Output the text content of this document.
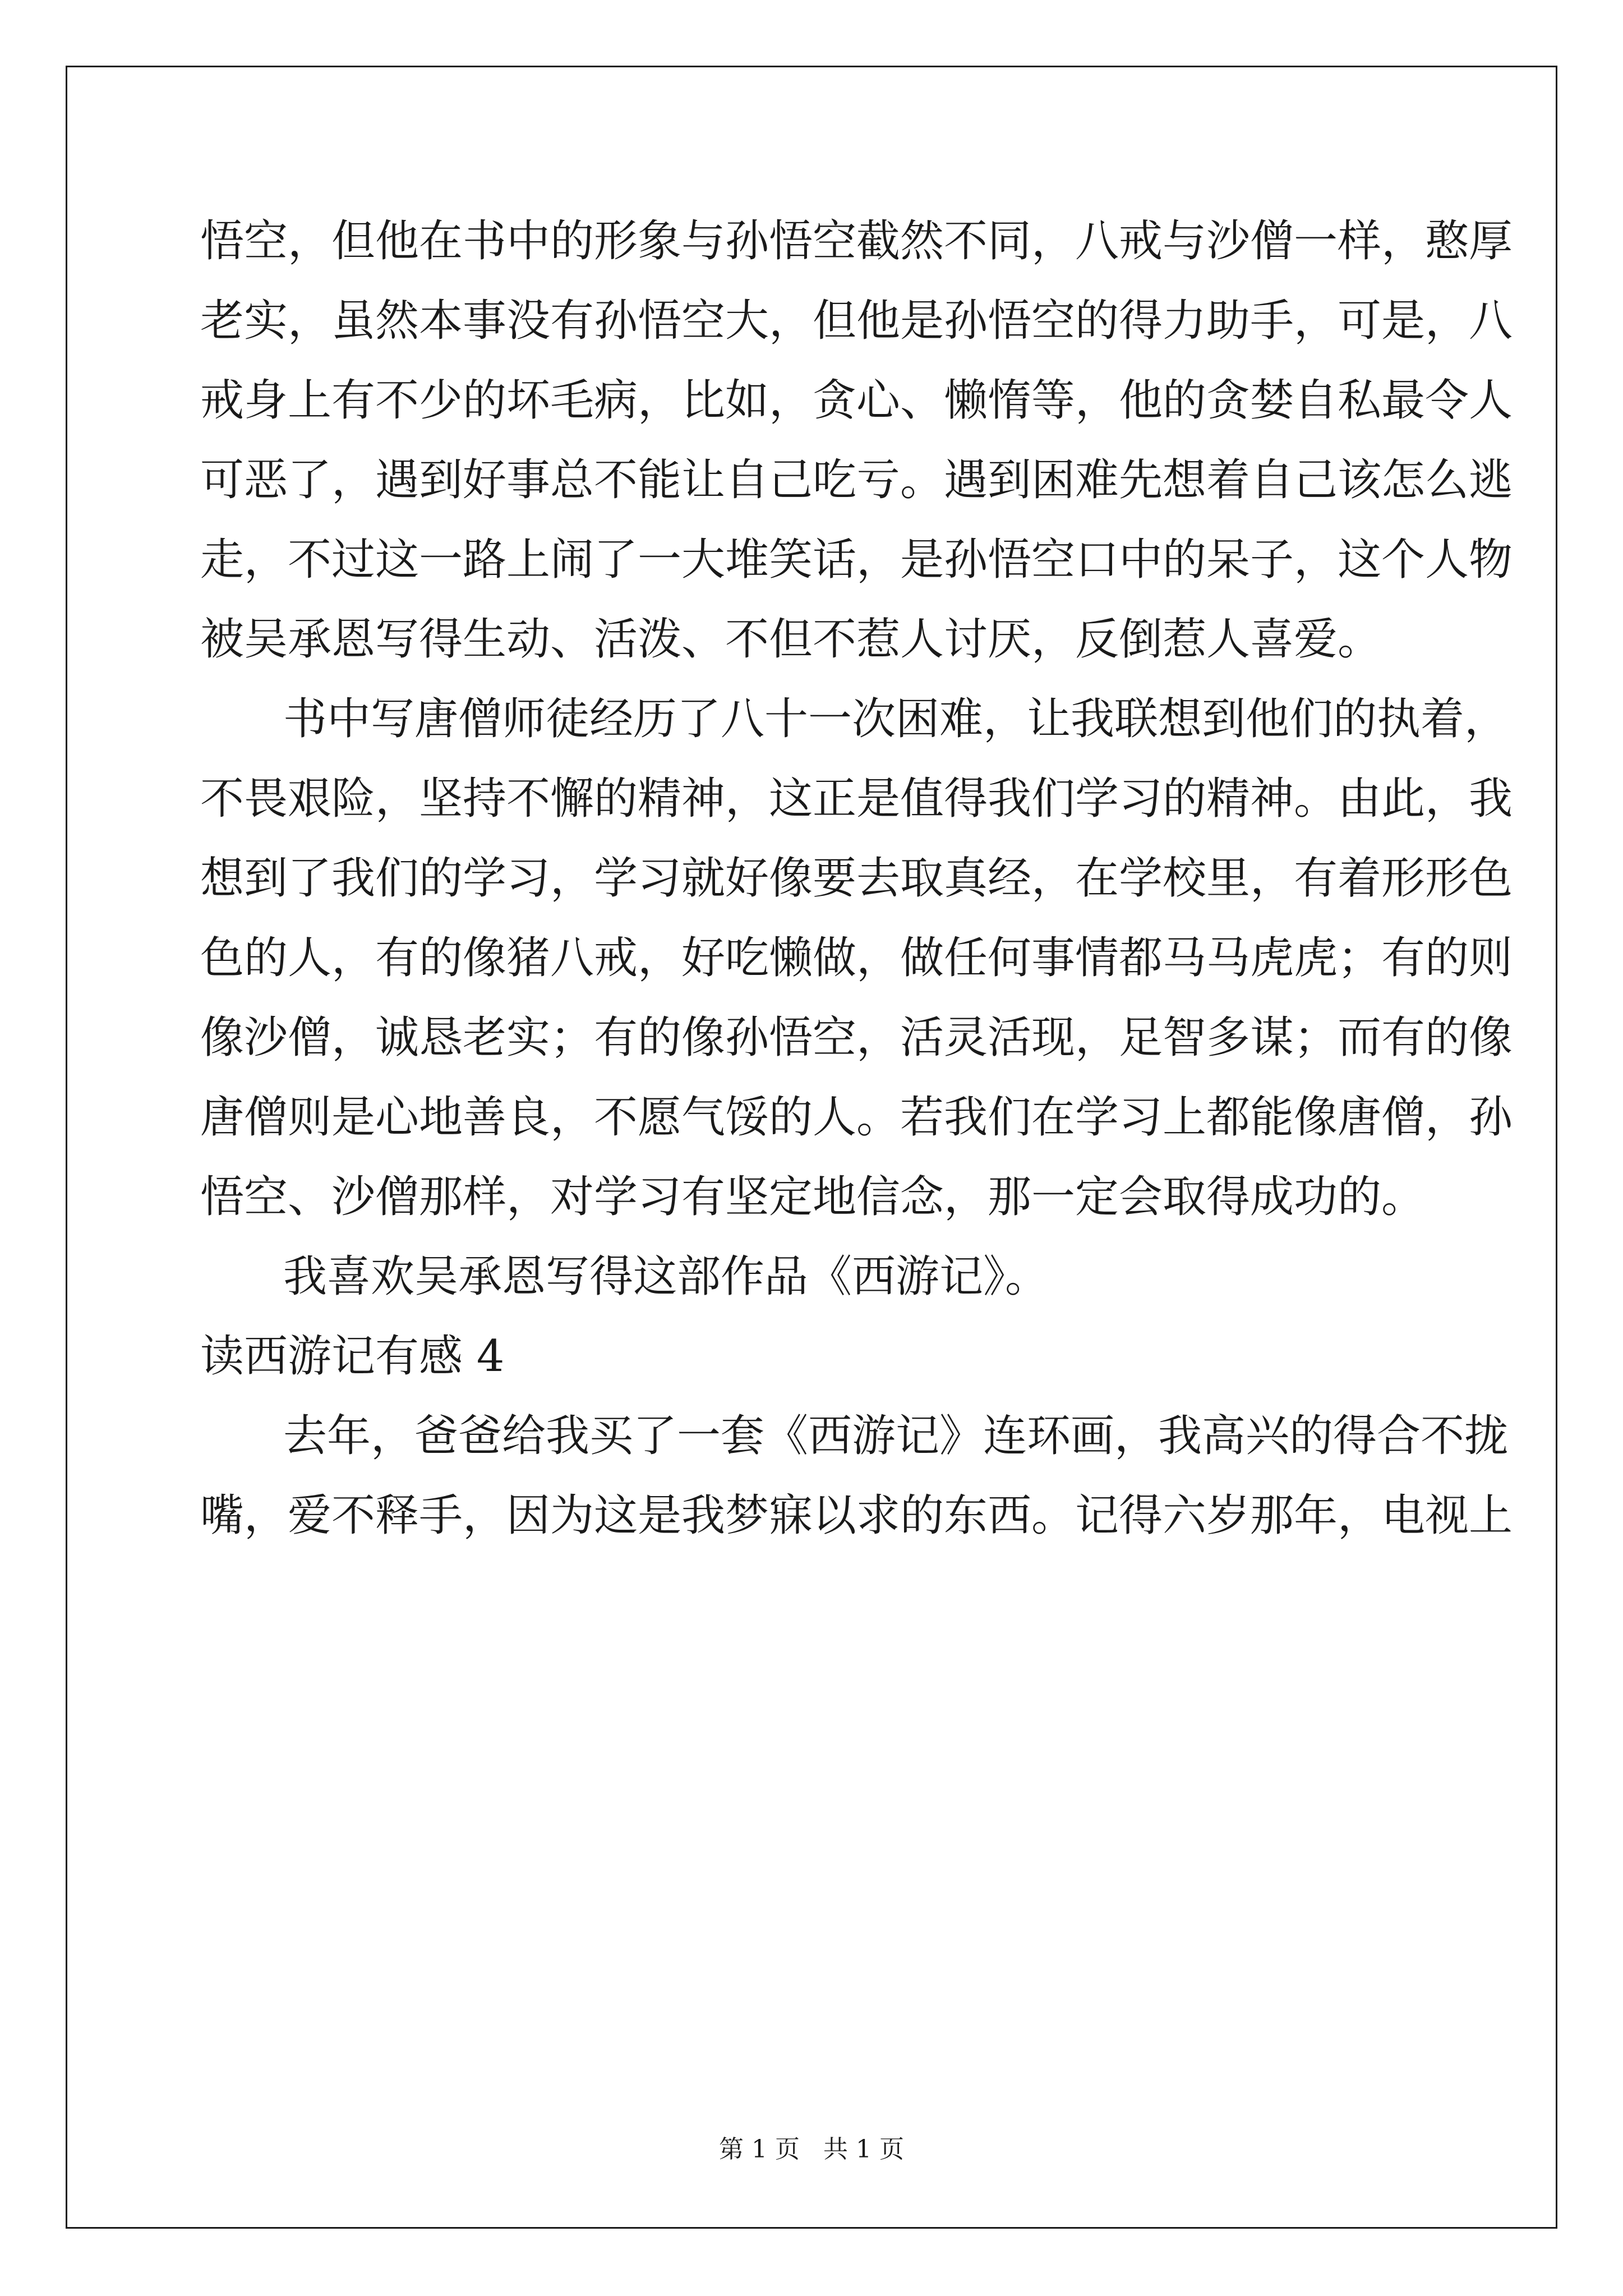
悟空，但他在书中的形象与孙悟空截然不同，八戒与沙僧一样，憨厚
老实，虽然本事没有孙悟空大，但他是孙悟空的得力助手，可是，八
戒身上有不少的坏毛病，比如，贪心、懒惰等，他的贪婪自私最令人
可恶了，遇到好事总不能让自己吃亏。遇到困难先想着自己该怎么逃
走，不过这一路上闹了一大堆笑话，是孙悟空口中的呆子，这个人物
被吴承恩写得生动、活泼、不但不惹人讨厌，反倒惹人喜爱。
书中写唐僧师徒经历了八十一次困难，让我联想到他们的执着，
不畏艰险，坚持不懈的精神，这正是值得我们学习的精神。由此，我
想到了我们的学习，学习就好像要去取真经，在学校里，有着形形色
色的人，有的像猪八戒，好吃懒做，做任何事情都马马虎虎；有的则
像沙僧，诚恳老实；有的像孙悟空，活灵活现，足智多谋；而有的像
唐僧则是心地善良，不愿气馁的人。若我们在学习上都能像唐僧，孙
悟空、沙僧那样，对学习有坚定地信念，那一定会取得成功的。
我喜欢吴承恩写得这部作品《西游记》。
读西游记有感 4
去年，爸爸给我买了一套《西游记》连环画，我高兴的得合不拢
嘴，爱不释手，因为这是我梦寐以求的东西。记得六岁那年，电视上
第 1 页   共 1 页
